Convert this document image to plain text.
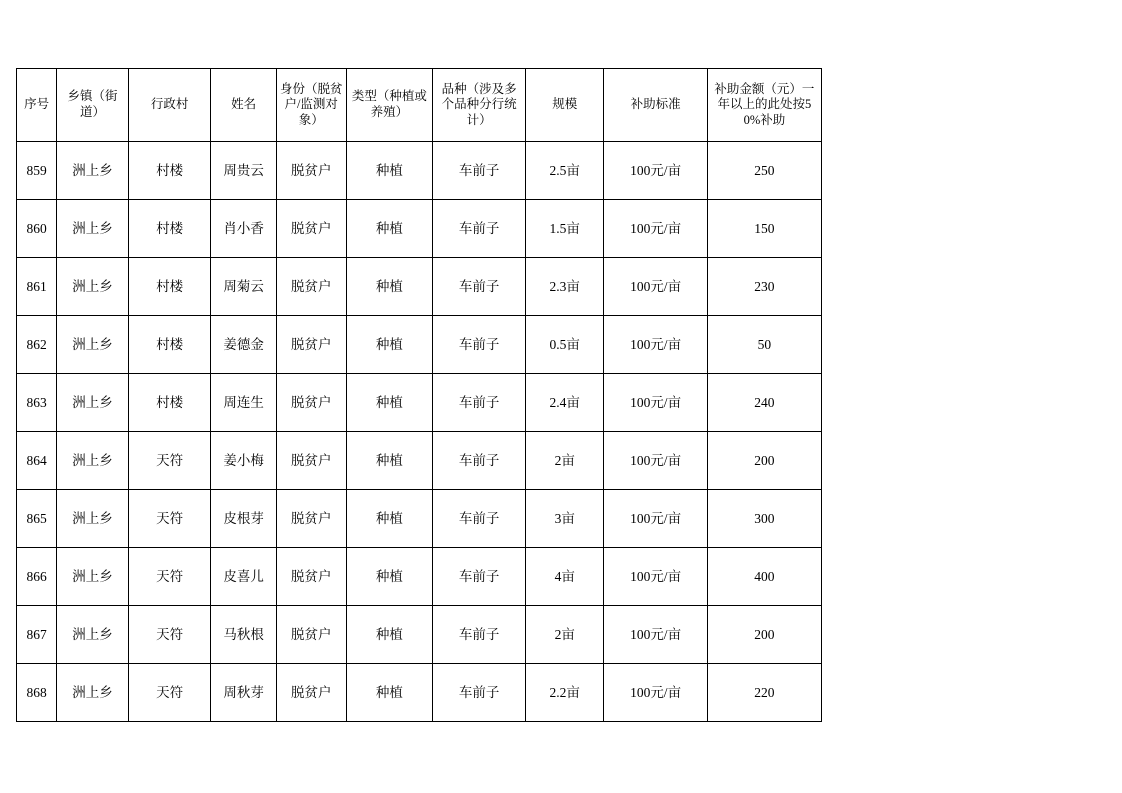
序号	乡镇（街道）	行政村	姓名	身份（脱贫户/监测对象）	类型（种植或养殖）	品种（涉及多个品种分行统计）	规模	补助标准	补助金额（元）一年以上的此处按50%补助
859	洲上乡	村楼	周贵云	脱贫户	种植	车前子	2.5亩	100元/亩	250
860	洲上乡	村楼	肖小香	脱贫户	种植	车前子	1.5亩	100元/亩	150
861	洲上乡	村楼	周菊云	脱贫户	种植	车前子	2.3亩	100元/亩	230
862	洲上乡	村楼	姜德金	脱贫户	种植	车前子	0.5亩	100元/亩	50
863	洲上乡	村楼	周连生	脱贫户	种植	车前子	2.4亩	100元/亩	240
864	洲上乡	天符	姜小梅	脱贫户	种植	车前子	2亩	100元/亩	200
865	洲上乡	天符	皮根芽	脱贫户	种植	车前子	3亩	100元/亩	300
866	洲上乡	天符	皮喜儿	脱贫户	种植	车前子	4亩	100元/亩	400
867	洲上乡	天符	马秋根	脱贫户	种植	车前子	2亩	100元/亩	200
868	洲上乡	天符	周秋芽	脱贫户	种植	车前子	2.2亩	100元/亩	220
